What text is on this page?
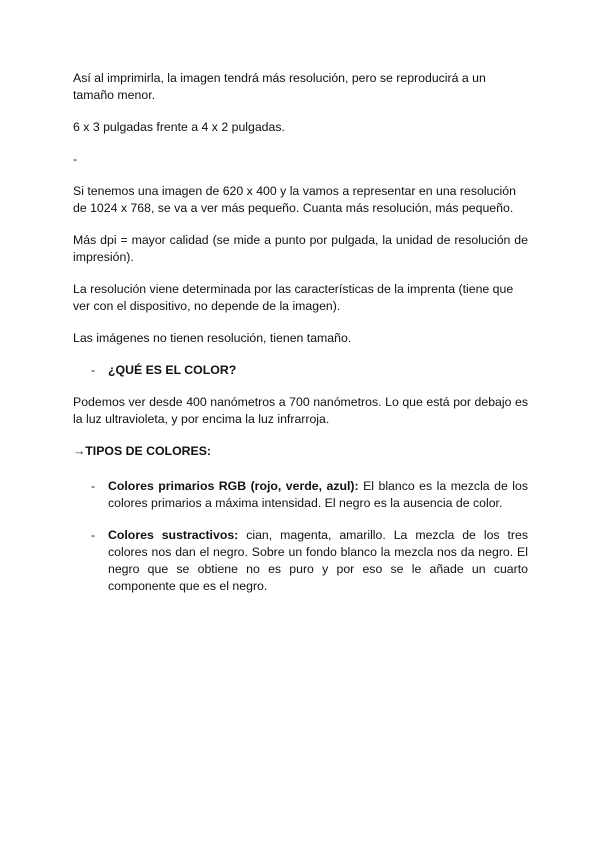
Así al imprimirla, la imagen tendrá más resolución, pero se reproducirá a un tamaño menor.

6 x 3 pulgadas frente a 4 x 2 pulgadas.

-

Si tenemos una imagen de 620 x 400 y la vamos a representar en una resolución de 1024 x 768, se va a ver más pequeño. Cuanta más resolución, más pequeño.

Más dpi = mayor calidad (se mide a punto por pulgada, la unidad de resolución de impresión).

La resolución viene determinada por las características de la imprenta (tiene que ver con el dispositivo, no depende de la imagen).

Las imágenes no tienen resolución, tienen tamaño.

-	¿QUÉ ES EL COLOR?

Podemos ver desde 400 nanómetros a 700 nanómetros. Lo que está por debajo es la luz ultravioleta, y por encima la luz infrarroja.

→TIPOS DE COLORES:

-	Colores primarios RGB (rojo, verde, azul): El blanco es la mezcla de los colores primarios a máxima intensidad. El negro es la ausencia de color.
-	Colores sustractivos: cian, magenta, amarillo. La mezcla de los tres colores nos dan el negro. Sobre un fondo blanco la mezcla nos da negro. El negro que se obtiene no es puro y por eso se le añade un cuarto componente que es el negro.
